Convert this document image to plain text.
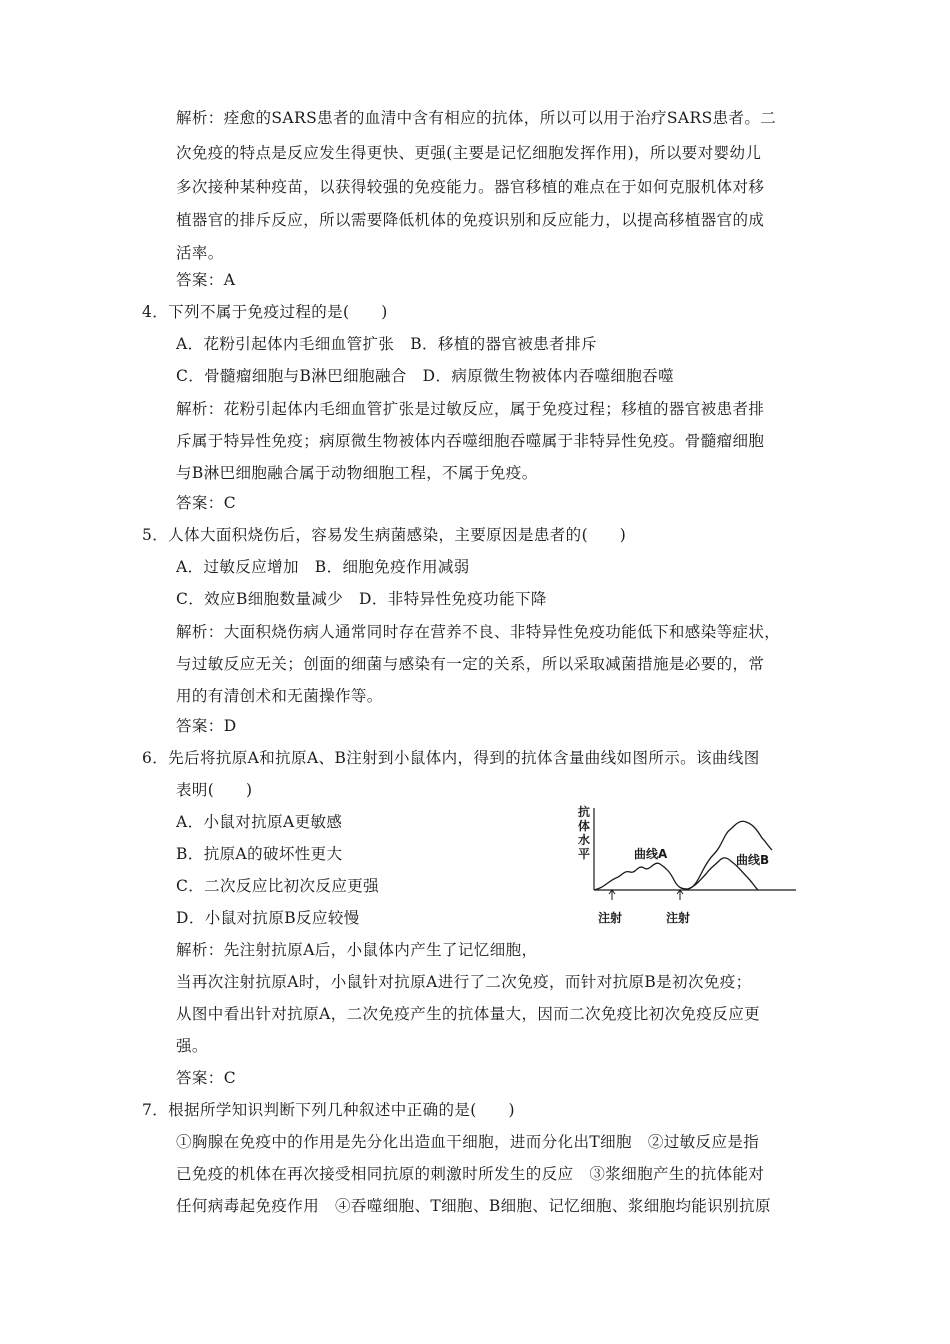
解析：痊愈的SARS患者的血清中含有相应的抗体，所以可以用于治疗SARS患者。二
次免疫的特点是反应发生得更快、更强(主要是记忆细胞发挥作用)，所以要对婴幼儿
多次接种某种疫苗，以获得较强的免疫能力。器官移植的难点在于如何克服机体对移
植器官的排斥反应，所以需要降低机体的免疫识别和反应能力，以提高移植器官的成
活率。
答案：A
4．下列不属于免疫过程的是(　　)
A．花粉引起体内毛细血管扩张　B．移植的器官被患者排斥
C．骨髓瘤细胞与B淋巴细胞融合　D．病原微生物被体内吞噬细胞吞噬
解析：花粉引起体内毛细血管扩张是过敏反应，属于免疫过程；移植的器官被患者排
斥属于特异性免疫；病原微生物被体内吞噬细胞吞噬属于非特异性免疫。骨髓瘤细胞
与B淋巴细胞融合属于动物细胞工程，不属于免疫。
答案：C
5．人体大面积烧伤后，容易发生病菌感染，主要原因是患者的(　　)
A．过敏反应增加　B．细胞免疫作用减弱
C．效应B细胞数量减少　D．非特异性免疫功能下降
解析：大面积烧伤病人通常同时存在营养不良、非特异性免疫功能低下和感染等症状，
与过敏反应无关；创面的细菌与感染有一定的关系，所以采取减菌措施是必要的，常
用的有清创术和无菌操作等。
答案：D
6．先后将抗原A和抗原A、B注射到小鼠体内，得到的抗体含量曲线如图所示。该曲线图
表明(　　)
A．小鼠对抗原A更敏感
B．抗原A的破坏性更大
C．二次反应比初次反应更强
D．小鼠对抗原B反应较慢
解析：先注射抗原A后，小鼠体内产生了记忆细胞，
当再次注射抗原A时，小鼠针对抗原A进行了二次免疫，而针对抗原B是初次免疫；
从图中看出针对抗原A，二次免疫产生的抗体量大，因而二次免疫比初次免疫反应更
强。
答案：C
7．根据所学知识判断下列几种叙述中正确的是(　　)
①胸腺在免疫中的作用是先分化出造血干细胞，进而分化出T细胞　②过敏反应是指
已免疫的机体在再次接受相同抗原的刺激时所发生的反应　③浆细胞产生的抗体能对
任何病毒起免疫作用　④吞噬细胞、T细胞、B细胞、记忆细胞、浆细胞均能识别抗原
抗
体
水
平	曲线A	曲线B
注射	注射
